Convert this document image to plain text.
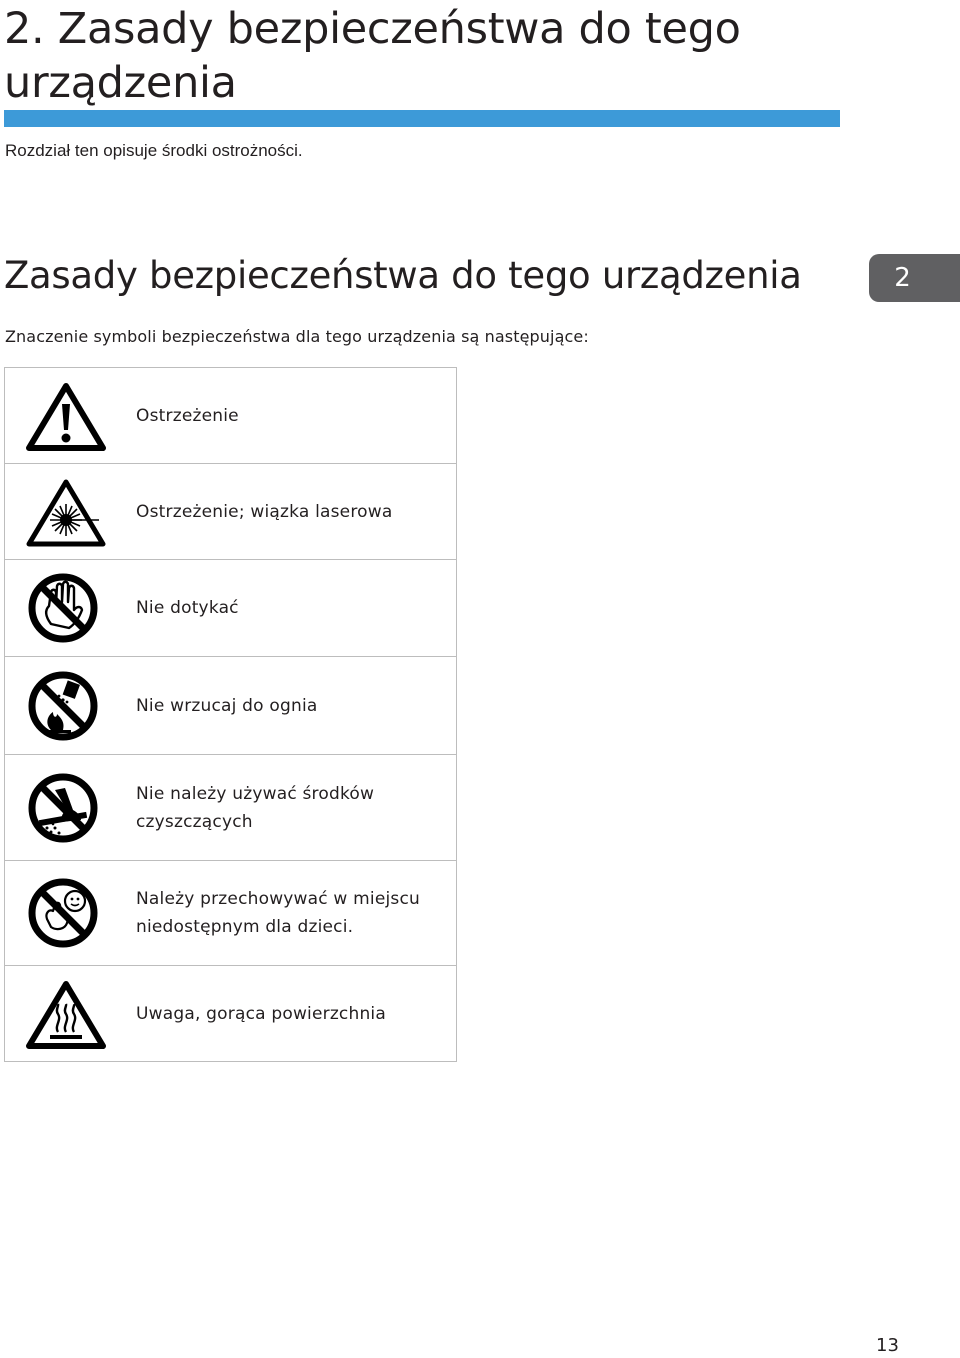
2. Zasady bezpieczeństwa do tego urządzenia

Rozdział ten opisuje środki ostrożności.

Zasady bezpieczeństwa do tego urządzenia	2

Znaczenie symboli bezpieczeństwa dla tego urządzenia są następujące:

	Ostrzeżenie

	Ostrzeżenie; wiązka laserowa

	Nie dotykać

	Nie wrzucaj do ognia

	Nie należy używać środków czyszczących

	Należy przechowywać w miejscu niedostępnym dla dzieci.

	Uwaga, gorąca powierzchnia
13
